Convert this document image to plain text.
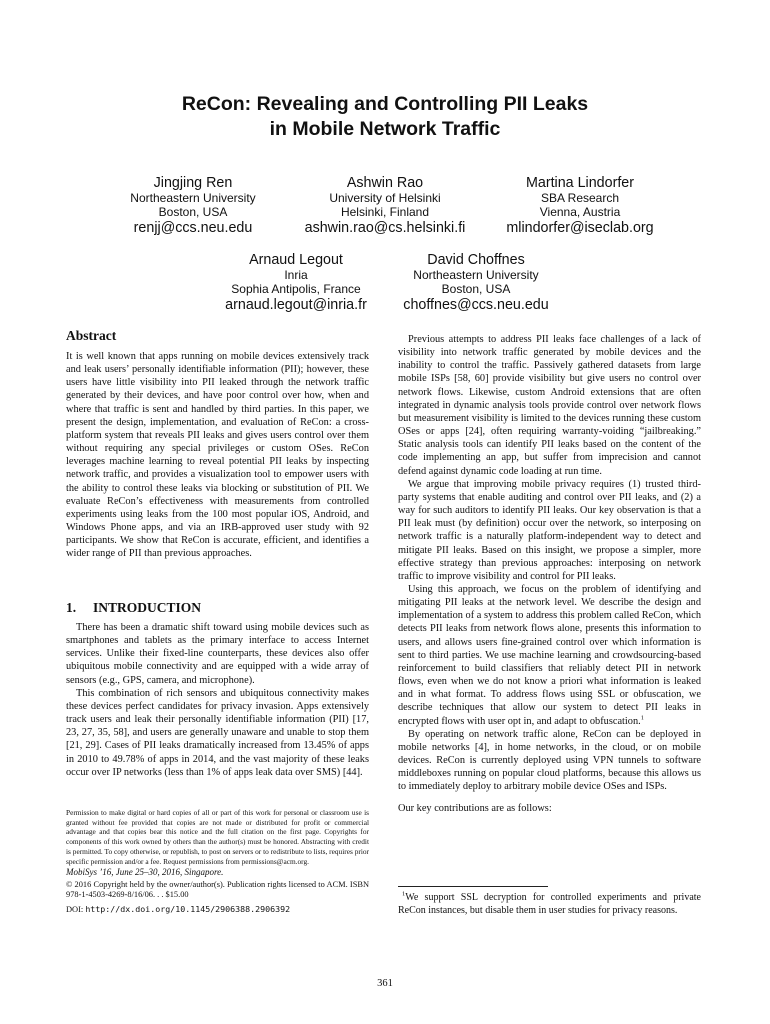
ReCon: Revealing and Controlling PII Leaks
in Mobile Network Traffic
Jingjing Ren
Northeastern University
Boston, USA
renjj@ccs.neu.edu
Ashwin Rao
University of Helsinki
Helsinki, Finland
ashwin.rao@cs.helsinki.fi
Martina Lindorfer
SBA Research
Vienna, Austria
mlindorfer@iseclab.org
Arnaud Legout
Inria
Sophia Antipolis, France
arnaud.legout@inria.fr
David Choffnes
Northeastern University
Boston, USA
choffnes@ccs.neu.edu
Abstract

It is well known that apps running on mobile devices extensively track and leak users’ personally identifiable information (PII); however, these users have little visibility into PII leaked through the network traffic generated by their devices, and have poor control over how, when and where that traffic is sent and handled by third parties. In this paper, we present the design, implementation, and evaluation of ReCon: a cross-platform system that reveals PII leaks and gives users control over them without requiring any special privileges or custom OSes. ReCon leverages machine learning to reveal potential PII leaks by inspecting network traffic, and provides a visualization tool to empower users with the ability to control these leaks via blocking or substitution of PII. We evaluate ReCon’s effectiveness with measurements from controlled experiments using leaks from the 100 most popular iOS, Android, and Windows Phone apps, and via an IRB-approved user study with 92 participants. We show that ReCon is accurate, efficient, and identifies a wider range of PII than previous approaches.

1. INTRODUCTION

There has been a dramatic shift toward using mobile devices such as smartphones and tablets as the primary interface to access Internet services. Unlike their fixed-line counterparts, these devices also offer ubiquitous mobile connectivity and are equipped with a wide array of sensors (e.g., GPS, camera, and microphone).

This combination of rich sensors and ubiquitous connectivity makes these devices perfect candidates for privacy invasion. Apps extensively track users and leak their personally identifiable information (PII) [17, 23, 27, 35, 58], and users are generally unaware and unable to stop them [21, 29]. Cases of PII leaks dramatically increased from 13.45% of apps in 2010 to 49.78% of apps in 2014, and the vast majority of these leaks occur over IP networks (less than 1% of apps leak data over SMS) [44].

Permission to make digital or hard copies of all or part of this work for personal or classroom use is granted without fee provided that copies are not made or distributed for profit or commercial advantage and that copies bear this notice and the full citation on the first page. Copyrights for components of this work owned by others than the author(s) must be honored. Abstracting with credit is permitted. To copy otherwise, or republish, to post on servers or to redistribute to lists, requires prior specific permission and/or a fee. Request permissions from permissions@acm.org.

MobiSys ’16, June 25–30, 2016, Singapore.

© 2016 Copyright held by the owner/author(s). Publication rights licensed to ACM. ISBN 978-1-4503-4269-8/16/06. . . $15.00

DOI: http://dx.doi.org/10.1145/2906388.2906392

Previous attempts to address PII leaks face challenges of a lack of visibility into network traffic generated by mobile devices and the inability to control the traffic. Passively gathered datasets from large mobile ISPs [58, 60] provide visibility but give users no control over network flows. Likewise, custom Android extensions that are often integrated in dynamic analysis tools provide control over network flows but measurement visibility is limited to the devices running these custom OSes or apps [24], often requiring warranty-voiding “jailbreaking.” Static analysis tools can identify PII leaks based on the content of the code implementing an app, but suffer from imprecision and cannot defend against dynamic code loading at run time.

We argue that improving mobile privacy requires (1) trusted third-party systems that enable auditing and control over PII leaks, and (2) a way for such auditors to identify PII leaks. Our key observation is that a PII leak must (by definition) occur over the network, so interposing on network traffic is a naturally platform-independent way to detect and mitigate PII leaks. Based on this insight, we propose a simpler, more effective strategy than previous approaches: interposing on network traffic to improve visibility and control for PII leaks.

Using this approach, we focus on the problem of identifying and mitigating PII leaks at the network level. We describe the design and implementation of a system to address this problem called ReCon, which detects PII leaks from network flows alone, presents this information to users, and allows users fine-grained control over which information is sent to third parties. We use machine learning and crowdsourcing-based reinforcement to build classifiers that reliably detect PII in network flows, even when we do not know a priori what information is leaked and in what format. To address flows using SSL or obfuscation, we describe techniques that allow our system to detect PII leaks in encrypted flows with user opt in, and adapt to obfuscation.$^1$

By operating on network traffic alone, ReCon can be deployed in mobile networks [4], in home networks, in the cloud, or on mobile devices. ReCon is currently deployed using VPN tunnels to software middleboxes running on popular cloud platforms, because this allows us to immediately deploy to arbitrary mobile device OSes and ISPs.

Our key contributions are as follows:

$^1$We support SSL decryption for controlled experiments and private ReCon instances, but disable them in user studies for privacy reasons.

361
